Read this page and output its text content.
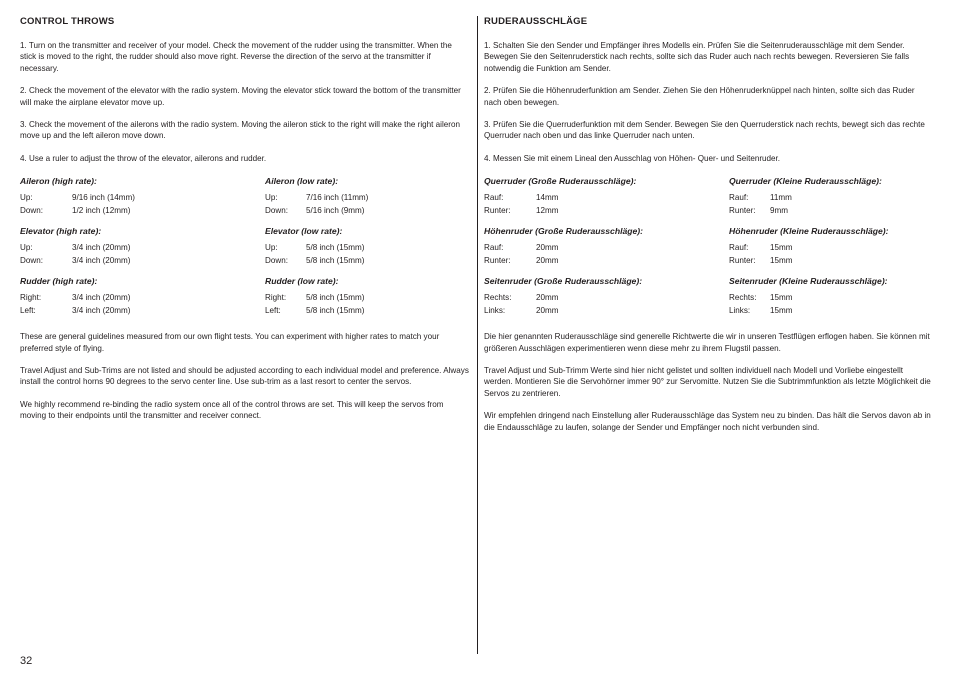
CONTROL THROWS
1. Turn on the transmitter and receiver of your model. Check the movement of the rudder using the transmitter. When the stick is moved to the right, the rudder should also move right. Reverse the direction of the servo at the transmitter if necessary.
2. Check the movement of the elevator with the radio system. Moving the elevator stick toward the bottom of the transmitter will make the airplane elevator move up.
3. Check the movement of the ailerons with the radio system. Moving the aileron stick to the right will make the right aileron move up and the left aileron move down.
4. Use a ruler to adjust the throw of the elevator, ailerons and rudder.
Aileron (high rate):
Up:	9/16 inch (14mm)
Down:	1/2 inch (12mm)
Aileron (low rate):
Up:	7/16 inch (11mm)
Down:	5/16 inch (9mm)
Elevator (high rate):
Up:	3/4 inch (20mm)
Down:	3/4 inch (20mm)
Elevator (low rate):
Up:	5/8 inch (15mm)
Down:	5/8 inch (15mm)
Rudder (high rate):
Right:	3/4 inch (20mm)
Left:	3/4 inch (20mm)
Rudder (low rate):
Right:	5/8 inch (15mm)
Left:	5/8 inch (15mm)
These are general guidelines measured from our own flight tests. You can experiment with higher rates to match your preferred style of flying.
Travel Adjust and Sub-Trims are not listed and should be adjusted according to each individual model and preference. Always install the control horns 90 degrees to the servo center line. Use sub-trim as a last resort to center the servos.
We highly recommend re-binding the radio system once all of the control throws are set. This will keep the servos from moving to their endpoints until the transmitter and receiver connect.
RUDERAUSSCHLÄGE
1. Schalten Sie den Sender und Empfänger ihres Modells ein. Prüfen Sie die Seitenruderausschläge mit dem Sender. Bewegen Sie den Seitenruderstick nach rechts, sollte sich das Ruder auch nach rechts bewegen. Reversieren Sie falls notwendig die Funktion am Sender.
2. Prüfen Sie die Höhenruderfunktion am Sender. Ziehen Sie den Höhenruderknüppel nach hinten, sollte sich das Ruder nach oben bewegen.
3. Prüfen Sie die Querruderfunktion mit dem Sender. Bewegen Sie den Querruderstick nach rechts, bewegt sich das rechte Querruder nach oben und das linke Querruder nach unten.
4. Messen Sie mit einem Lineal den Ausschlag von Höhen- Quer- und Seitenruder.
Querruder (Große Ruderausschläge):
Rauf:	14mm
Runter:	12mm
Querruder (Kleine Ruderausschläge):
Rauf:	11mm
Runter:	9mm
Höhenruder (Große Ruderausschläge):
Rauf:	20mm
Runter:	20mm
Höhenruder (Kleine Ruderausschläge):
Rauf:	15mm
Runter:	15mm
Seitenruder (Große Ruderausschläge):
Rechts:	20mm
Links:	20mm
Seitenruder (Kleine Ruderausschläge):
Rechts:	15mm
Links:	15mm
Die hier genannten Ruderausschläge sind generelle Richtwerte die wir in unseren Testflügen erflogen haben. Sie können mit größeren Ausschlägen experimentieren wenn diese mehr zu ihrem Flugstil passen.
Travel Adjust und Sub-Trimm Werte sind hier nicht gelistet und sollten individuell nach Modell und Vorliebe eingestellt werden. Montieren Sie die Servohörner immer 90° zur Servomitte. Nutzen Sie die Subtrimmfunktion als letzte Möglichkeit die Servos zu zentrieren.
Wir empfehlen dringend nach Einstellung aller Ruderausschläge das System neu zu binden. Das hält die Servos davon ab in die Endausschläge zu laufen, solange der Sender und Empfänger noch nicht verbunden sind.
32
